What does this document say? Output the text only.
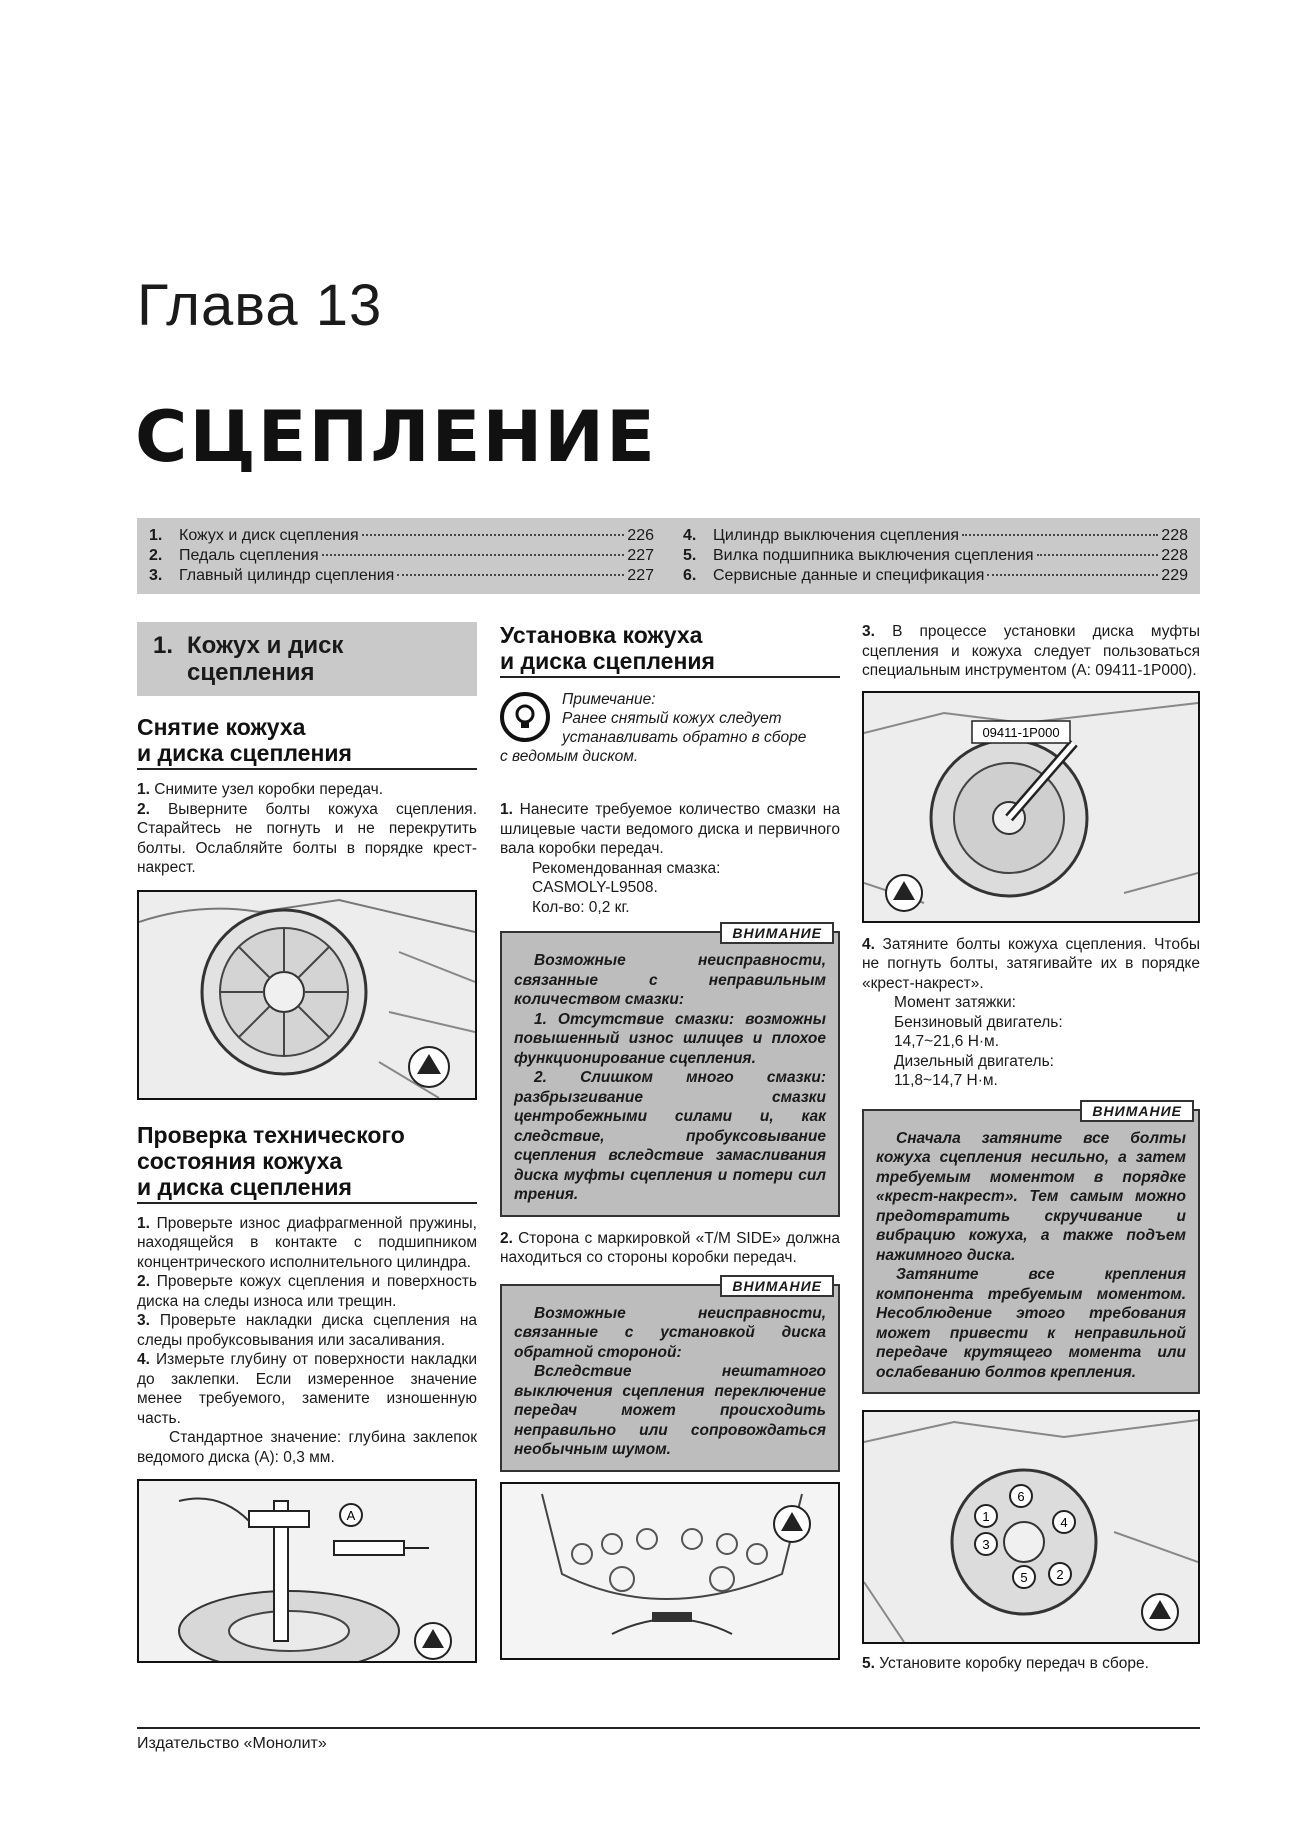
Глава 13
СЦЕПЛЕНИЕ
1.	Кожух и диск сцепления	226
2.	Педаль сцепления	227
3.	Главный цилиндр сцепления	227
4.	Цилиндр выключения сцепления	228
5.	Вилка подшипника выключения сцепления	228
6.	Сервисные данные и спецификация	229
1. Кожух и диск
сцепления
Снятие кожуха
и диска сцепления
1. Снимите узел коробки передач.
2. Выверните болты кожуха сцепления. Старайтесь не погнуть и не перекрутить болты. Ослабляйте болты в порядке крест-накрест.
Проверка технического
состояния кожуха
и диска сцепления
1. Проверьте износ диафрагменной пружины, находящейся в контакте с подшипником концентрического исполнительного цилиндра.
2. Проверьте кожух сцепления и поверхность диска на следы износа или трещин.
3. Проверьте накладки диска сцепления на следы пробуксовывания или засаливания.
4. Измерьте глубину от поверхности накладки до заклепки. Если измеренное значение менее требуемого, замените изношенную часть.
Стандартное значение: глубина заклепок ведомого диска (A): 0,3 мм.
A
Установка кожуха
и диска сцепления
Примечание:
Ранее снятый кожух следует устанавливать обратно в сборе
с ведомым диском.
1. Нанесите требуемое количество смазки на шлицевые части ведомого диска и первичного вала коробки передач.
Рекомендованная смазка:
CASMOLY-L9508.
Кол-во: 0,2 кг.
ВНИМАНИЕ

Возможные неисправности, связанные с неправильным количеством смазки:

1. Отсутствие смазки: возможны повышенный износ шлицев и плохое функционирование сцепления.

2. Слишком много смазки: разбрызгивание смазки центробежными силами и, как следствие, пробуксовывание сцепления вследствие замасливания диска муфты сцепления и потери сил трения.

2. Сторона с маркировкой «T/M SIDE» должна находиться со стороны коробки передач.
ВНИМАНИЕ

Возможные неисправности, связанные с установкой диска обратной стороной:

Вследствие нештатного выключения сцепления переключение передач может происходить неправильно или сопровождаться необычным шумом.

3. В процессе установки диска муфты сцепления и кожуха следует пользоваться специальным инструментом (A: 09411-1P000).
09411-1P000
4. Затяните болты кожуха сцепления. Чтобы не погнуть болты, затягивайте их в порядке «крест-накрест».
Момент затяжки:
Бензиновый двигатель:
14,7~21,6 Н·м.
Дизельный двигатель:
11,8~14,7 Н·м.
ВНИМАНИЕ

Сначала затяните все болты кожуха сцепления несильно, а затем требуемым моментом в порядке «крест-накрест». Тем самым можно предотвратить скручивание и вибрацию кожуха, а также подъем нажимного диска.

Затяните все крепления компонента требуемым моментом. Несоблюдение этого требования может привести к неправильной передаче крутящего момента или ослабеванию болтов крепления.

1
2
3
4
5
6
5. Установите коробку передач в сборе.
Издательство «Монолит»
